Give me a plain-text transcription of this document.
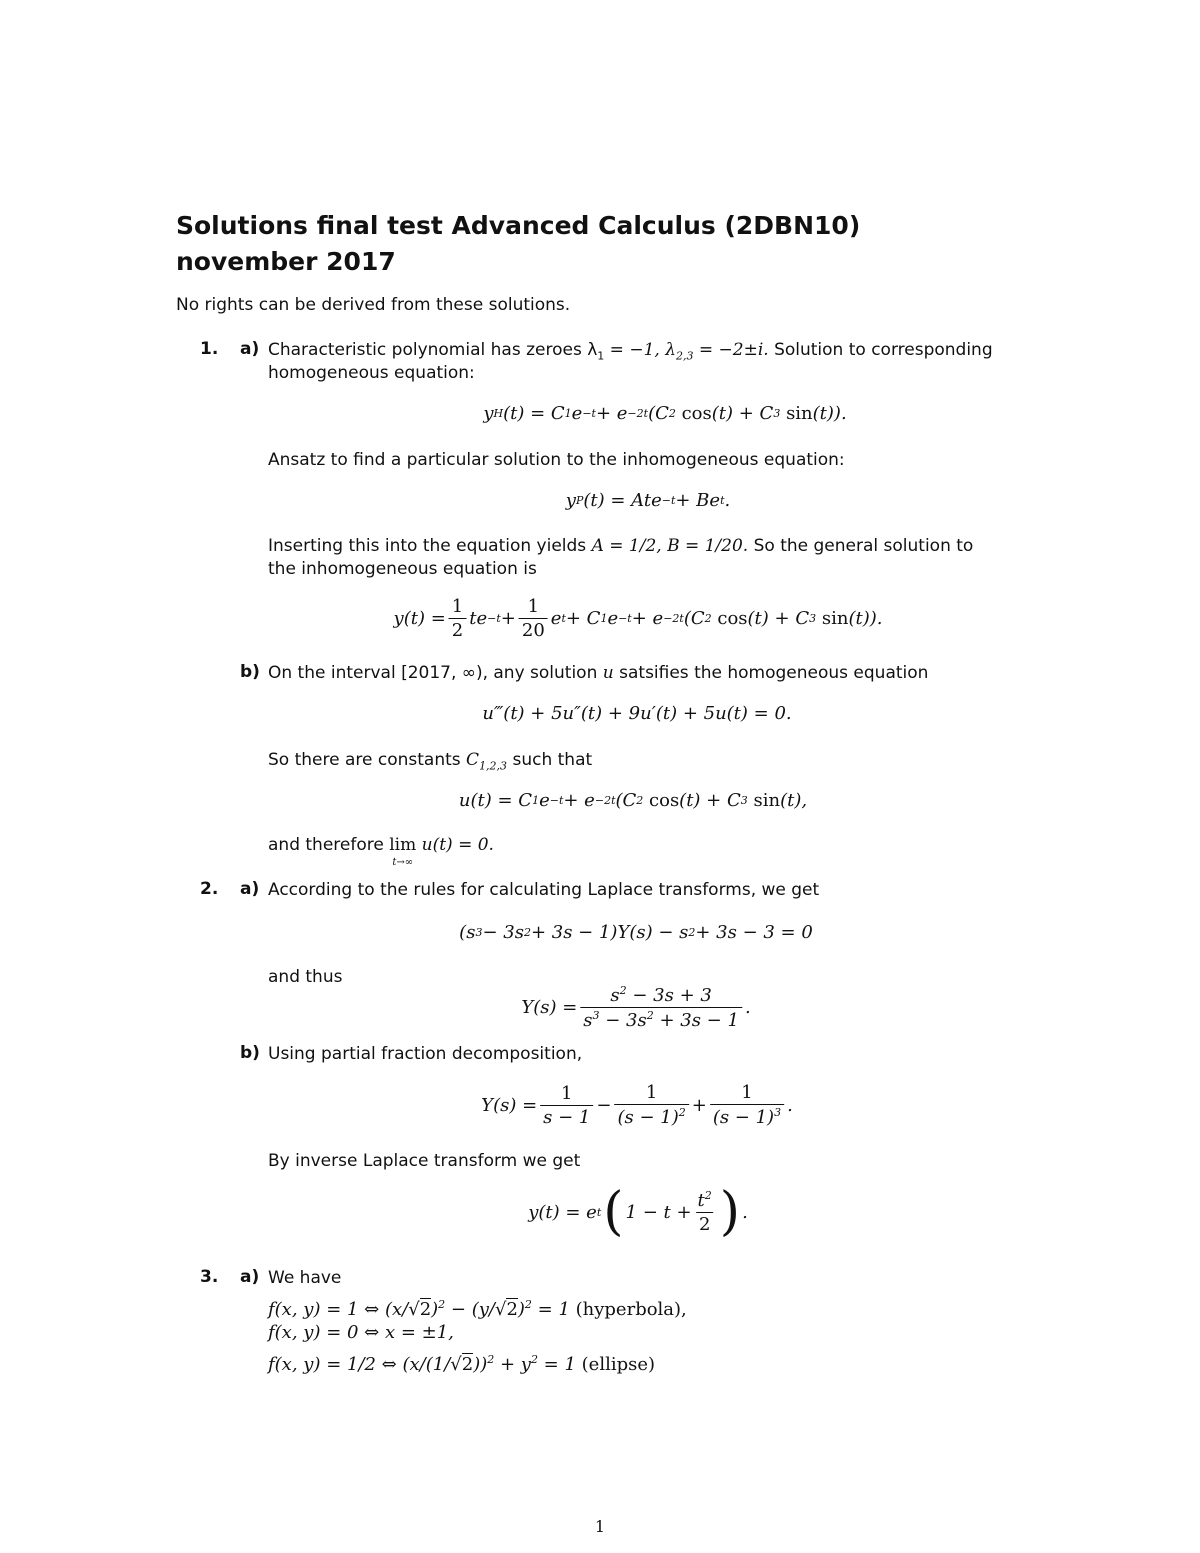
Solutions final test Advanced Calculus (2DBN10)
november 2017
No rights can be derived from these solutions.
1. a) Characteristic polynomial has zeroes $\lambda_1 = -1$, $\lambda_{2,3} = -2\pm i$. Solution to corresponding
homogeneous equation:
y H (t) = C 1 e −t + e −2t (C 2
cos (t) + C 3
sin (t)).
Ansatz to find a particular solution to the inhomogeneous equation:
y P (t) = Ate −t + Be t .
Inserting this into the equation yields A = 1/2, B = 1/20. So the general solution to
the inhomogeneous equation is
$y(t) = \frac{1}{2}$ te $-t + \frac{1}{20}$ e t + C 1 e −t + e −2t (C 2
cos (t) + C 3
sin (t)).
b) On the interval [2017, ∞), any solution u satsifies the homogeneous equation
u‴(t) + 5u″(t) + 9u′(t) + 5u(t) = 0.
So there are constants $C_{1,2,3}$ such that
u(t) = C 1 e −t + e −2t (C 2
cos (t) + C 3
sin (t),
and therefore lim
t→∞
u(t) = 0.
2. a) According to the rules for calculating Laplace transforms, we get
(s 3 − 3s 2 + 3s − 1)Y(s) − s 2 + 3s − 3 = 0
and thus
$Y(s) = \frac{s^2 - 3s + 3}{s^3 - 3s^2 + 3s - 1}$ .
b) Using partial fraction decomposition,
$Y(s) = \frac{1}{s - 1} - \frac{1}{(s - 1)^2} + \frac{1}{(s - 1)^3}$ .
By inverse Laplace transform we get
y(t) = e t ( $1 - t + \frac{t^2}{2}$ ) .
3. a) We have
f(x, y) = 1 ⇔ $(x/√2)^2 - (y/√2)^2 = 1$ (hyperbola),
f(x, y) = 0 ⇔ x = ±1,
f(x, y) = 1/2 ⇔ $(x/(1/√2))^2 + y^2 = 1$ (ellipse)
1
